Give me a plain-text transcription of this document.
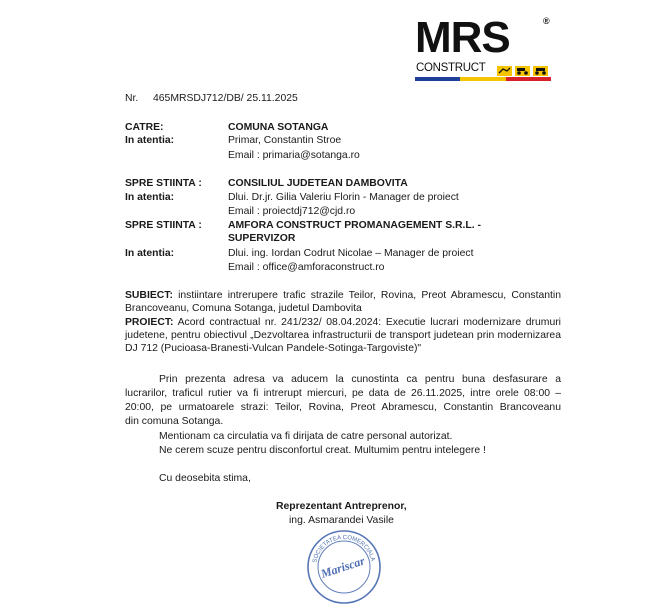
MRS	®
CONSTRUCT
Nr. 465MRSDJ712/DB/ 25.11.2025
CATRE:	COMUNA SOTANGA
In atentia:	Primar, Constantin Stroe
Email : primaria@sotanga.ro
SPRE STIINTA :	CONSILIUL JUDETEAN DAMBOVITA
In atentia:	Dlui. Dr.jr. Gilia Valeriu Florin - Manager de proiect
Email : proiectdj712@cjd.ro
SPRE STIINTA :	AMFORA CONSTRUCT PROMANAGEMENT S.R.L. -
SUPERVIZOR
In atentia:	Dlui. ing. Iordan Codrut Nicolae – Manager de proiect
Email : office@amforaconstruct.ro
SUBIECT: instiintare intrerupere trafic strazile Teilor, Rovina, Preot Abramescu, Constantin
Brancoveanu, Comuna Sotanga, judetul Dambovita
PROIECT: Acord contractual nr. 241/232/ 08.04.2024: Executie lucrari modernizare drumuri
judetene, pentru obiectivul „Dezvoltarea infrastructurii de transport judetean prin modernizarea
DJ 712 (Pucioasa-Branesti-Vulcan Pandele-Sotinga-Targoviste)"
Prin prezenta adresa va aducem la cunostinta ca pentru buna desfasurare a
lucrarilor, traficul rutier va fi intrerupt miercuri, pe data de 26.11.2025, intre orele 08:00 –
20:00, pe urmatoarele strazi: Teilor, Rovina, Preot Abramescu, Constantin Brancoveanu
din comuna Sotanga.
Mentionam ca circulatia va fi dirijata de catre personal autorizat.
Ne cerem scuze pentru disconfortul creat. Multumim pentru intelegere !
Cu deosebita stima,
Reprezentant Antreprenor,
ing. Asmarandei Vasile
SOCIETATEA COMERCIALA
Mariscar
